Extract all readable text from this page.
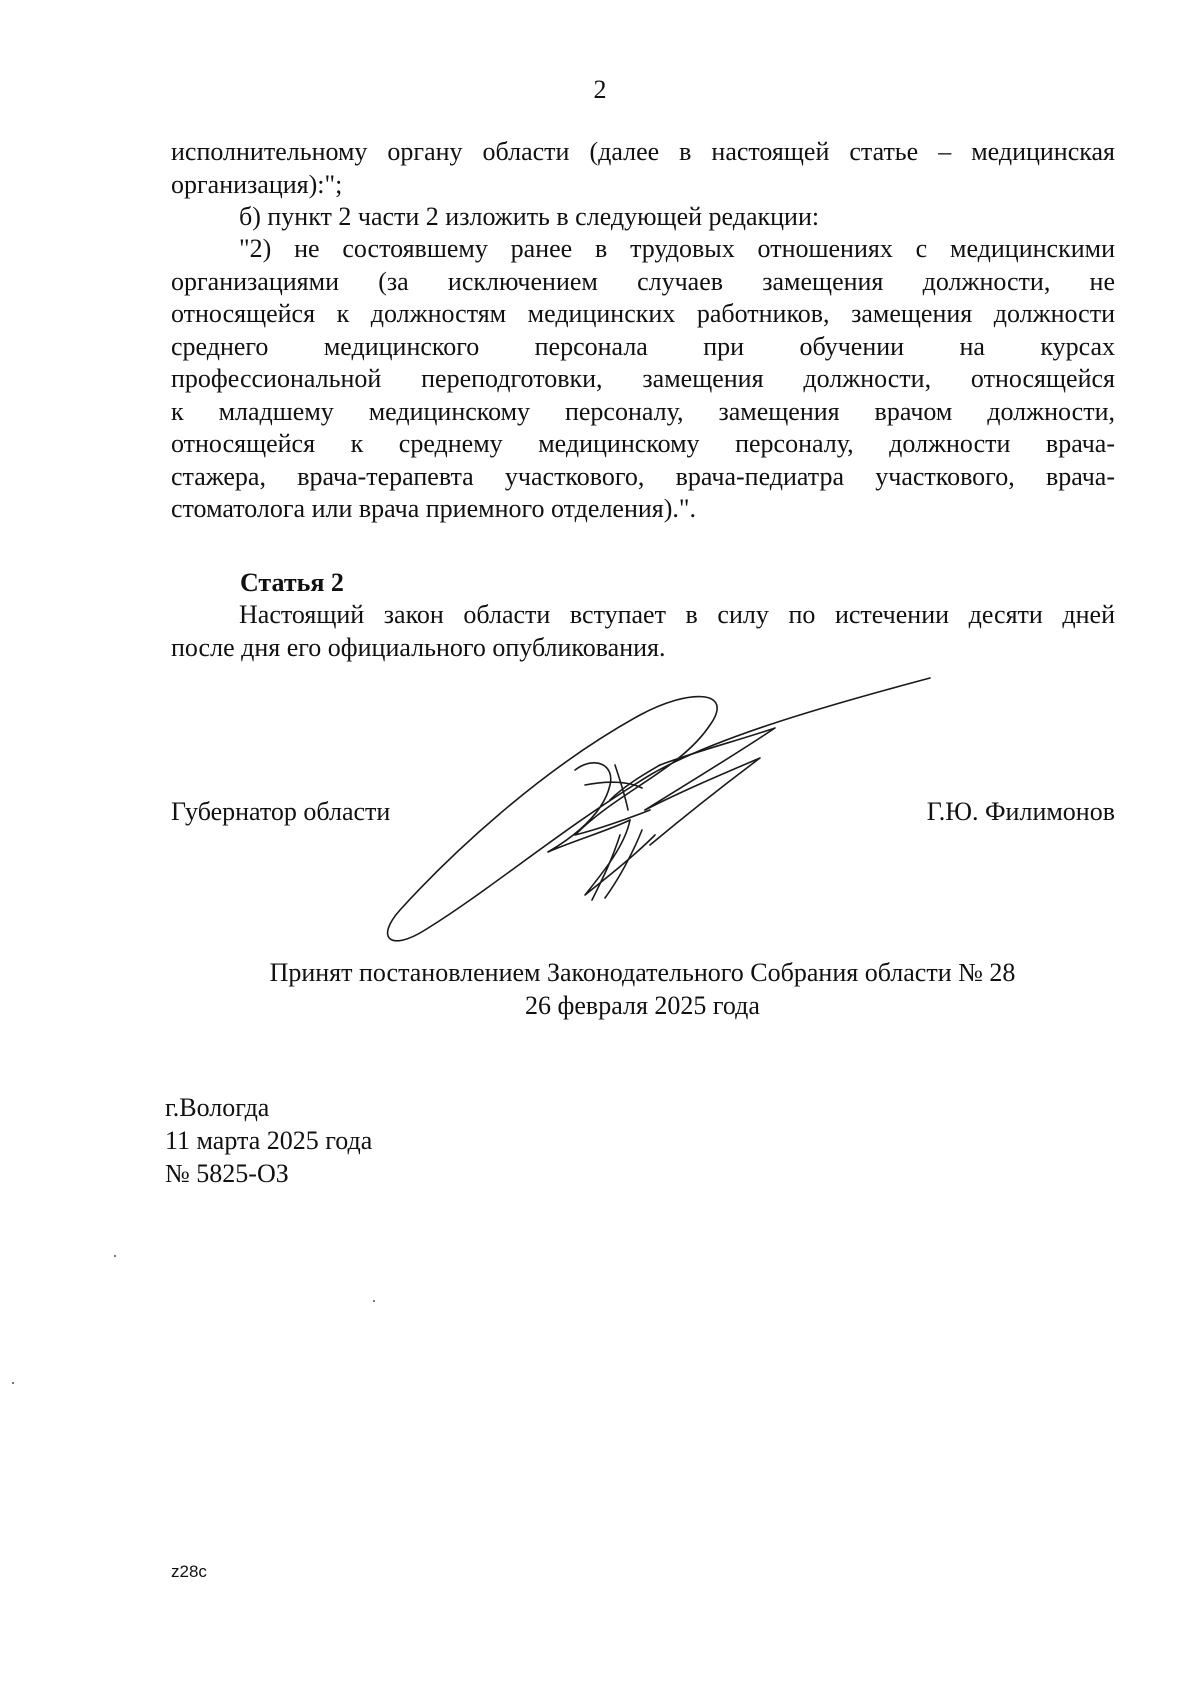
2
исполнительному органу области (далее в настоящей статье – медицинская
организация):";
б) пункт 2 части 2 изложить в следующей редакции:
"2) не состоявшему ранее в трудовых отношениях с медицинскими
организациями (за исключением случаев замещения должности, не
относящейся к должностям медицинских работников, замещения должности
среднего медицинского персонала при обучении на курсах
профессиональной переподготовки, замещения должности, относящейся
к младшему медицинскому персоналу, замещения врачом должности,
относящейся к среднему медицинскому персоналу, должности врача-
стажера, врача-терапевта участкового, врача-педиатра участкового, врача-
стоматолога или врача приемного отделения).".
Статья 2
Настоящий закон области вступает в силу по истечении десяти дней
после дня его официального опубликования.
Губернатор области	Г.Ю. Филимонов
Принят постановлением Законодательного Собрания области № 28
26 февраля 2025 года
г.Вологда
11 марта 2025 года
№ 5825-ОЗ
z28c
